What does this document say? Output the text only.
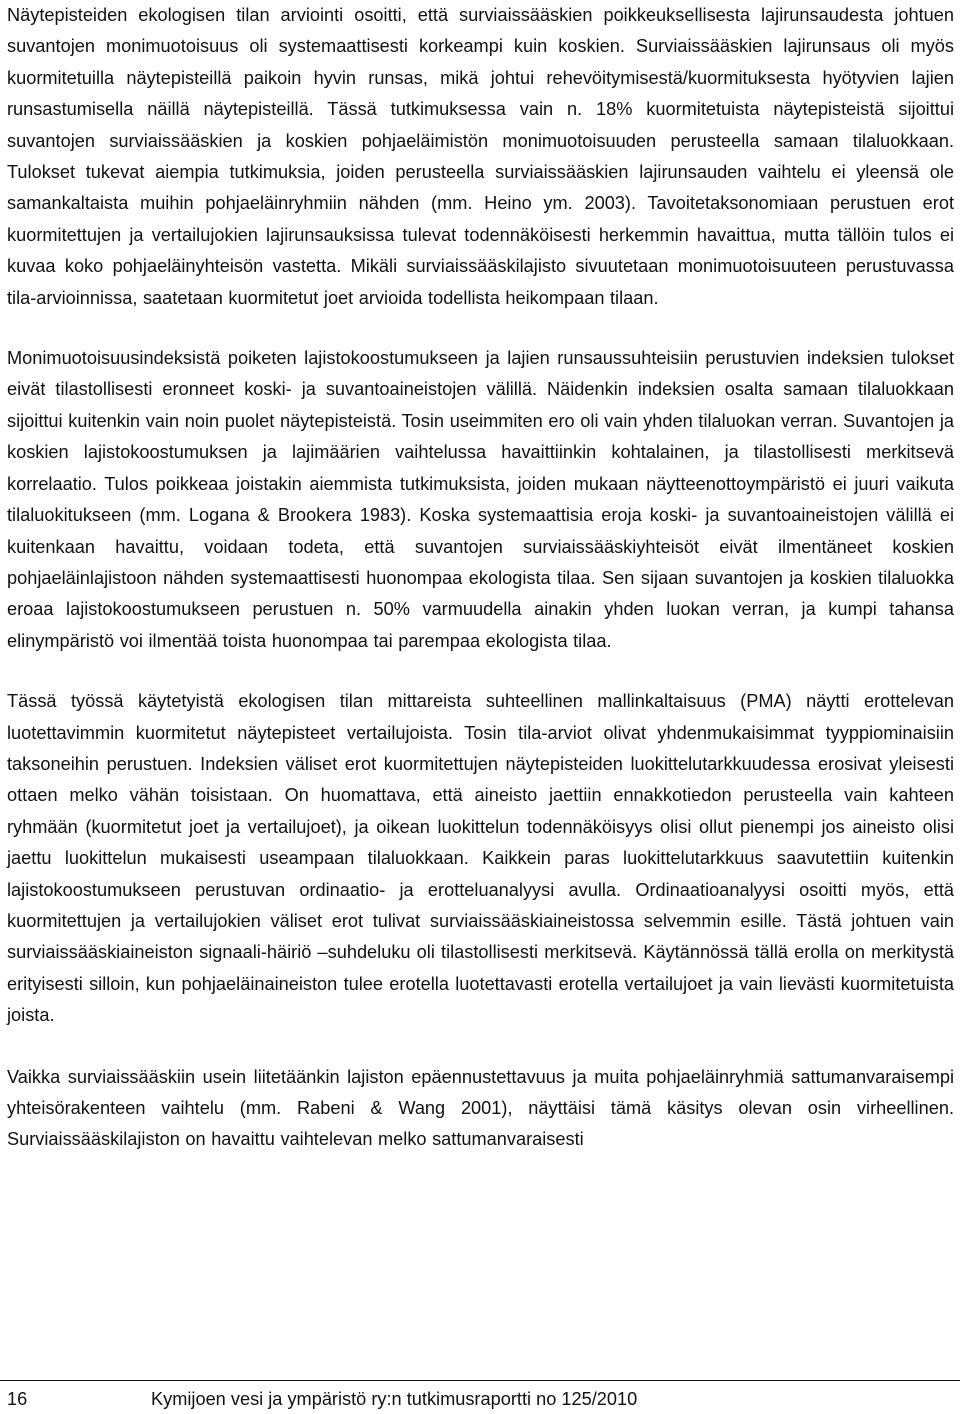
Näytepisteiden ekologisen tilan arviointi osoitti, että surviaissääskien poikkeuksellisesta lajirunsaudesta johtuen suvantojen monimuotoisuus oli systemaattisesti korkeampi kuin koskien. Surviaissääskien lajirunsaus oli myös kuormitetuilla näytepisteillä paikoin hyvin runsas, mikä johtui rehevöitymisestä/kuormituksesta hyötyvien lajien runsastumisella näillä näytepisteillä. Tässä tutkimuksessa vain n. 18% kuormitetuista näytepisteistä sijoittui suvantojen surviaissääskien ja koskien pohjaeläimistön monimuotoisuuden perusteella samaan tilaluokkaan. Tulokset tukevat aiempia tutkimuksia, joiden perusteella surviaissääskien lajirunsauden vaihtelu ei yleensä ole samankaltaista muihin pohjaeläinryhmiin nähden (mm. Heino ym. 2003). Tavoitetaksonomiaan perustuen erot kuormitettujen ja vertailujokien lajirunsauksissa tulevat todennäköisesti herkemmin havaittua, mutta tällöin tulos ei kuvaa koko pohjaeläinyhteisön vastetta. Mikäli surviaissääskilajisto sivuutetaan monimuotoisuuteen perustuvassa tila-arvioinnissa, saatetaan kuormitetut joet arvioida todellista heikompaan tilaan.

Monimuotoisuusindeksistä poiketen lajistokoostumukseen ja lajien runsaussuhteisiin perustuvien indeksien tulokset eivät tilastollisesti eronneet koski- ja suvantoaineistojen välillä. Näidenkin indeksien osalta samaan tilaluokkaan sijoittui kuitenkin vain noin puolet näytepisteistä. Tosin useimmiten ero oli vain yhden tilaluokan verran. Suvantojen ja koskien lajistokoostumuksen ja lajimäärien vaihtelussa havaittiinkin kohtalainen, ja tilastollisesti merkitsevä korrelaatio. Tulos poikkeaa joistakin aiemmista tutkimuksista, joiden mukaan näytteenottoympäristö ei juuri vaikuta tilaluokitukseen (mm. Logana & Brookera 1983). Koska systemaattisia eroja koski- ja suvantoaineistojen välillä ei kuitenkaan havaittu, voidaan todeta, että suvantojen surviaissääskiyhteisöt eivät ilmentäneet koskien pohjaeläinlajistoon nähden systemaattisesti huonompaa ekologista tilaa. Sen sijaan suvantojen ja koskien tilaluokka eroaa lajistokoostumukseen perustuen n. 50% varmuudella ainakin yhden luokan verran, ja kumpi tahansa elinympäristö voi ilmentää toista huonompaa tai parempaa ekologista tilaa.

Tässä työssä käytetyistä ekologisen tilan mittareista suhteellinen mallinkaltaisuus (PMA) näytti erottelevan luotettavimmin kuormitetut näytepisteet vertailujoista. Tosin tila-arviot olivat yhdenmukaisimmat tyyppiominaisiin taksoneihin perustuen. Indeksien väliset erot kuormitettujen näytepisteiden luokittelutarkkuudessa erosivat yleisesti ottaen melko vähän toisistaan. On huomattava, että aineisto jaettiin ennakkotiedon perusteella vain kahteen ryhmään (kuormitetut joet ja vertailujoet), ja oikean luokittelun todennäköisyys olisi ollut pienempi jos aineisto olisi jaettu luokittelun mukaisesti useampaan tilaluokkaan. Kaikkein paras luokittelutarkkuus saavutettiin kuitenkin lajistokoostumukseen perustuvan ordinaatio- ja erotteluanalyysi avulla. Ordinaatioanalyysi osoitti myös, että kuormitettujen ja vertailujokien väliset erot tulivat surviaissääskiaineistossa selvemmin esille. Tästä johtuen vain surviaissääskiaineiston signaali-häiriö –suhdeluku oli tilastollisesti merkitsevä. Käytännössä tällä erolla on merkitystä erityisesti silloin, kun pohjaeläinaineiston tulee erotella luotettavasti erotella vertailujoet ja vain lievästi kuormitetuista joista.

Vaikka surviaissääskiin usein liitetäänkin lajiston epäennustettavuus ja muita pohjaeläinryhmiä sattumanvaraisempi yhteisörakenteen vaihtelu (mm. Rabeni & Wang 2001), näyttäisi tämä käsitys olevan osin virheellinen. Surviaissääskilajiston on havaittu vaihtelevan melko sattumanvaraisesti

16	Kymijoen vesi ja ympäristö ry:n tutkimusraportti no 125/2010
